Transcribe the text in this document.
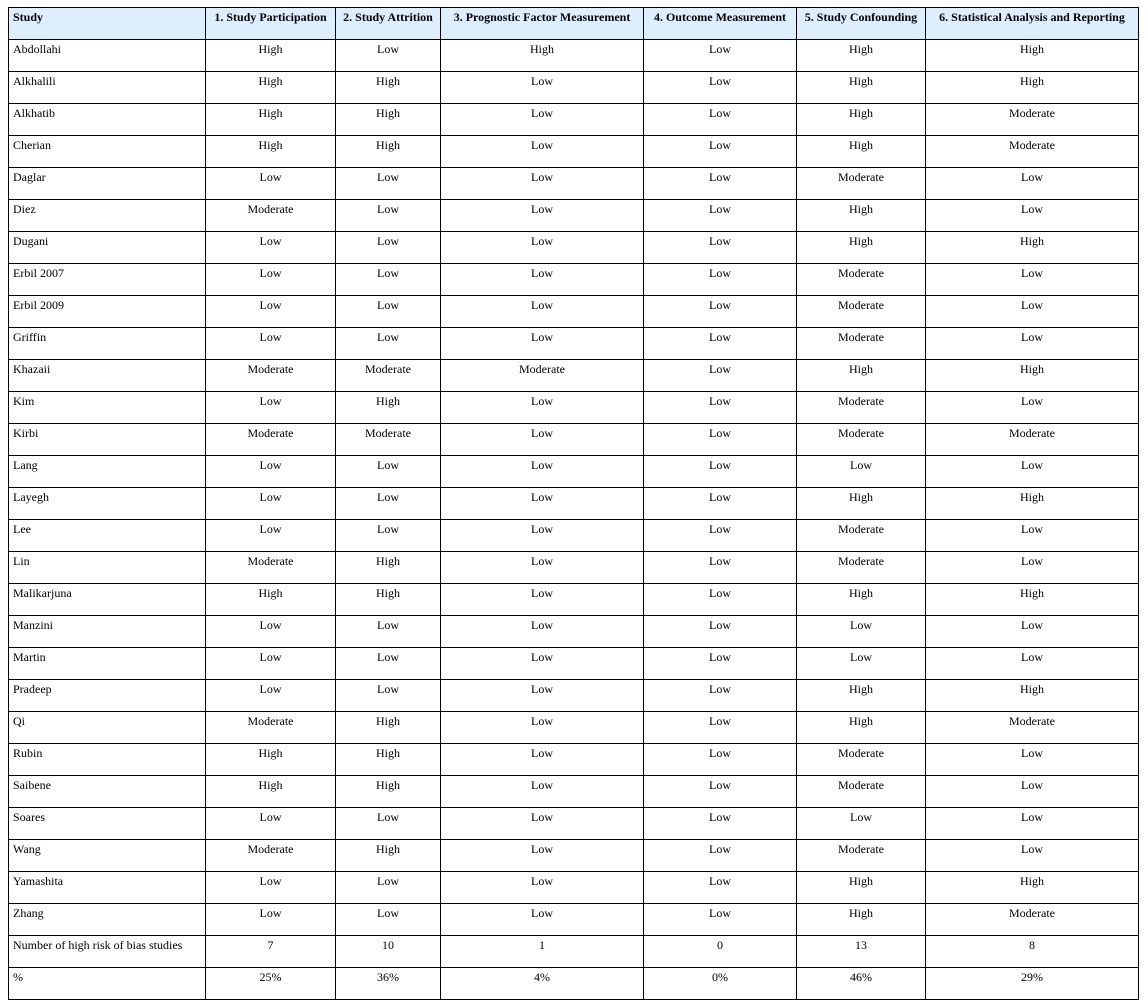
Study	1. Study Participation	2. Study Attrition	3. Prognostic Factor Measurement	4. Outcome Measurement	5. Study Confounding	6. Statistical Analysis and Reporting
Abdollahi	High	Low	High	Low	High	High
Alkhalili	High	High	Low	Low	High	High
Alkhatib	High	High	Low	Low	High	Moderate
Cherian	High	High	Low	Low	High	Moderate
Daglar	Low	Low	Low	Low	Moderate	Low
Diez	Moderate	Low	Low	Low	High	Low
Dugani	Low	Low	Low	Low	High	High
Erbil 2007	Low	Low	Low	Low	Moderate	Low
Erbil 2009	Low	Low	Low	Low	Moderate	Low
Griffin	Low	Low	Low	Low	Moderate	Low
Khazaii	Moderate	Moderate	Moderate	Low	High	High
Kim	Low	High	Low	Low	Moderate	Low
Kirbi	Moderate	Moderate	Low	Low	Moderate	Moderate
Lang	Low	Low	Low	Low	Low	Low
Layegh	Low	Low	Low	Low	High	High
Lee	Low	Low	Low	Low	Moderate	Low
Lin	Moderate	High	Low	Low	Moderate	Low
Malikarjuna	High	High	Low	Low	High	High
Manzini	Low	Low	Low	Low	Low	Low
Martin	Low	Low	Low	Low	Low	Low
Pradeep	Low	Low	Low	Low	High	High
Qi	Moderate	High	Low	Low	High	Moderate
Rubin	High	High	Low	Low	Moderate	Low
Saibene	High	High	Low	Low	Moderate	Low
Soares	Low	Low	Low	Low	Low	Low
Wang	Moderate	High	Low	Low	Moderate	Low
Yamashita	Low	Low	Low	Low	High	High
Zhang	Low	Low	Low	Low	High	Moderate
Number of high risk of bias studies	7	10	1	0	13	8
%	25%	36%	4%	0%	46%	29%
